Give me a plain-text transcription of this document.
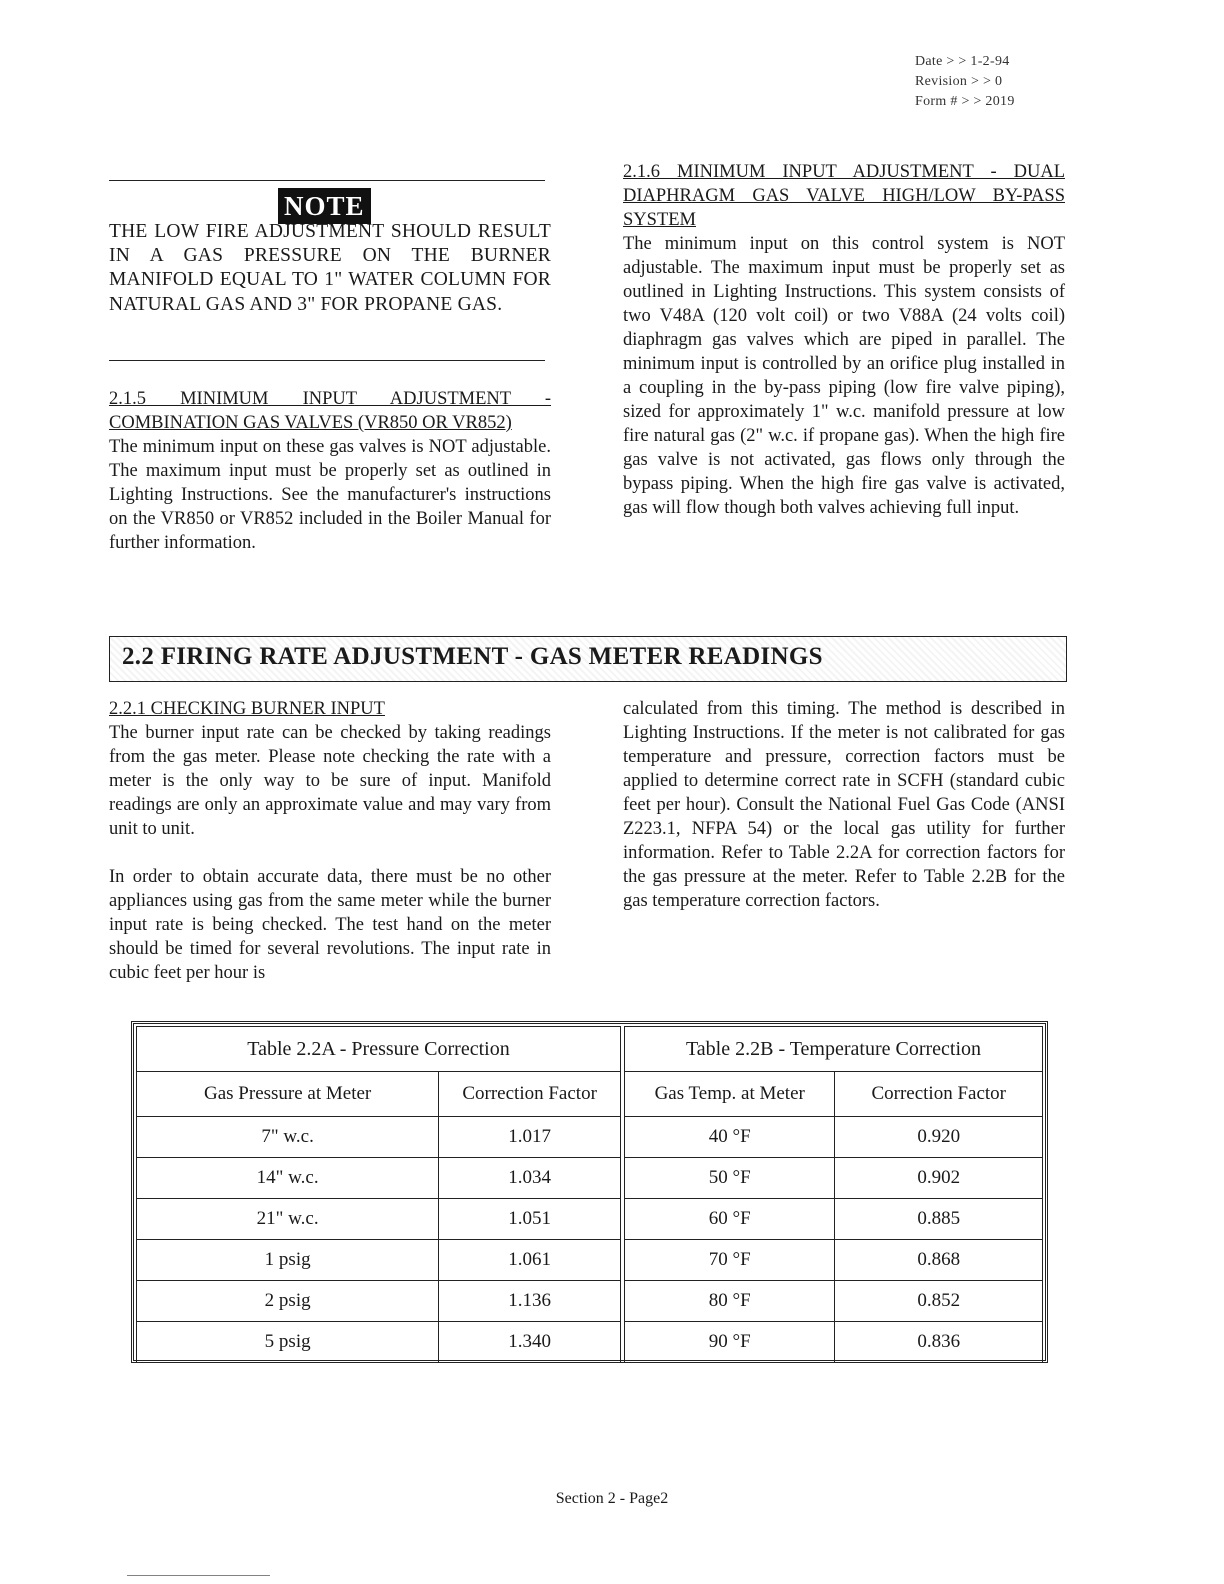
Date > > 1-2-94
Revision > > 0
Form # > > 2019
NOTE

THE LOW FIRE ADJUSTMENT SHOULD RESULT IN A GAS PRESSURE ON THE BURNER MANIFOLD EQUAL TO 1" WATER COLUMN FOR NATURAL GAS AND 3" FOR PROPANE GAS.

2.1.5 MINIMUM INPUT ADJUSTMENT - COMBINATION GAS VALVES (VR850 OR VR852)

The minimum input on these gas valves is NOT adjustable. The maximum input must be properly set as outlined in Lighting Instructions. See the manufacturer's instructions on the VR850 or VR852 included in the Boiler Manual for further information.

2.1.6 MINIMUM INPUT ADJUSTMENT - DUAL DIAPHRAGM GAS VALVE HIGH/LOW BY-PASS SYSTEM

The minimum input on this control system is NOT adjustable. The maximum input must be properly set as outlined in Lighting Instructions. This system consists of two V48A (120 volt coil) or two V88A (24 volts coil) diaphragm gas valves which are piped in parallel. The minimum input is controlled by an orifice plug installed in a coupling in the by-pass piping (low fire valve piping), sized for approximately 1" w.c. manifold pressure at low fire natural gas (2" w.c. if propane gas). When the high fire gas valve is not activated, gas flows only through the bypass piping. When the high fire gas valve is activated, gas will flow though both valves achieving full input.

2.2 FIRING RATE ADJUSTMENT - GAS METER READINGS

2.2.1 CHECKING BURNER INPUT

The burner input rate can be checked by taking readings from the gas meter. Please note checking the rate with a meter is the only way to be sure of input. Manifold readings are only an approximate value and may vary from unit to unit.

In order to obtain accurate data, there must be no other appliances using gas from the same meter while the burner input rate is being checked. The test hand on the meter should be timed for several revolutions. The input rate in cubic feet per hour is

calculated from this timing. The method is described in Lighting Instructions. If the meter is not calibrated for gas temperature and pressure, correction factors must be applied to determine correct rate in SCFH (standard cubic feet per hour). Consult the National Fuel Gas Code (ANSI Z223.1, NFPA 54) or the local gas utility for further information. Refer to Table 2.2A for correction factors for the gas pressure at the meter. Refer to Table 2.2B for the gas temperature correction factors.

Table 2.2A - Pressure Correction	
Gas Pressure at Meter	Correction Factor
7" w.c.	1.017
14" w.c.	1.034
21" w.c.	1.051
1 psig	1.061
2 psig	1.136
5 psig	1.340
Table 2.2B - Temperature Correction	
Gas Temp. at Meter	Correction Factor
40 °F	0.920
50 °F	0.902
60 °F	0.885
70 °F	0.868
80 °F	0.852
90 °F	0.836
Section 2 - Page2
